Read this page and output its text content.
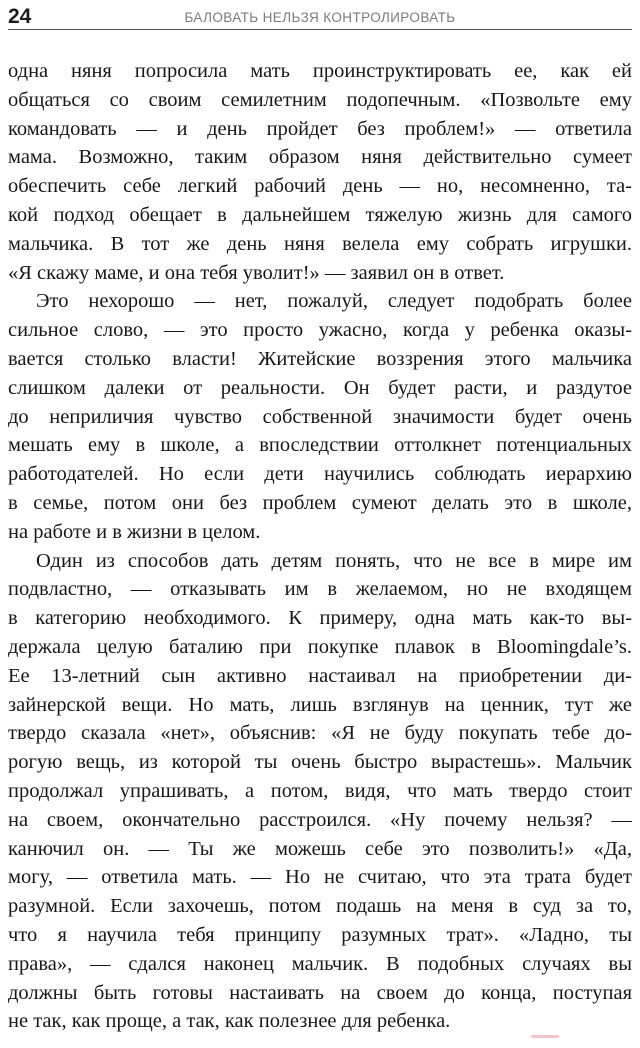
24	БАЛОВАТЬ НЕЛЬЗЯ КОНТРОЛИРОВАТЬ
одна няня попросила мать проинструктировать ее, как ей
общаться со своим семилетним подопечным. «Позвольте ему
командовать — и день пройдет без проблем!» — ответила
мама. Возможно, таким образом няня действительно сумеет
обеспечить себе легкий рабочий день — но, несомненно, та-
кой подход обещает в дальнейшем тяжелую жизнь для самого
мальчика. В тот же день няня велела ему собрать игрушки.
«Я скажу маме, и она тебя уволит!» — заявил он в ответ.
Это нехорошо — нет, пожалуй, следует подобрать более
сильное слово, — это просто ужасно, когда у ребенка оказы-
вается столько власти! Житейские воззрения этого мальчика
слишком далеки от реальности. Он будет расти, и раздутое
до неприличия чувство собственной значимости будет очень
мешать ему в школе, а впоследствии оттолкнет потенциальных
работодателей. Но если дети научились соблюдать иерархию
в семье, потом они без проблем сумеют делать это в школе,
на работе и в жизни в целом.
Один из способов дать детям понять, что не все в мире им
подвластно, — отказывать им в желаемом, но не входящем
в категорию необходимого. К примеру, одна мать как-то вы-
держала целую баталию при покупке плавок в Bloomingdale’s.
Ее 13-летний сын активно настаивал на приобретении ди-
зайнерской вещи. Но мать, лишь взглянув на ценник, тут же
твердо сказала «нет», объяснив: «Я не буду покупать тебе до-
рогую вещь, из которой ты очень быстро вырастешь». Мальчик
продолжал упрашивать, а потом, видя, что мать твердо стоит
на своем, окончательно расстроился. «Ну почему нельзя? —
канючил он. — Ты же можешь себе это позволить!» «Да,
могу, — ответила мать. — Но не считаю, что эта трата будет
разумной. Если захочешь, потом подашь на меня в суд за то,
что я научила тебя принципу разумных трат». «Ладно, ты
права», — сдался наконец мальчик. В подобных случаях вы
должны быть готовы настаивать на своем до конца, поступая
не так, как проще, а так, как полезнее для ребенка.
